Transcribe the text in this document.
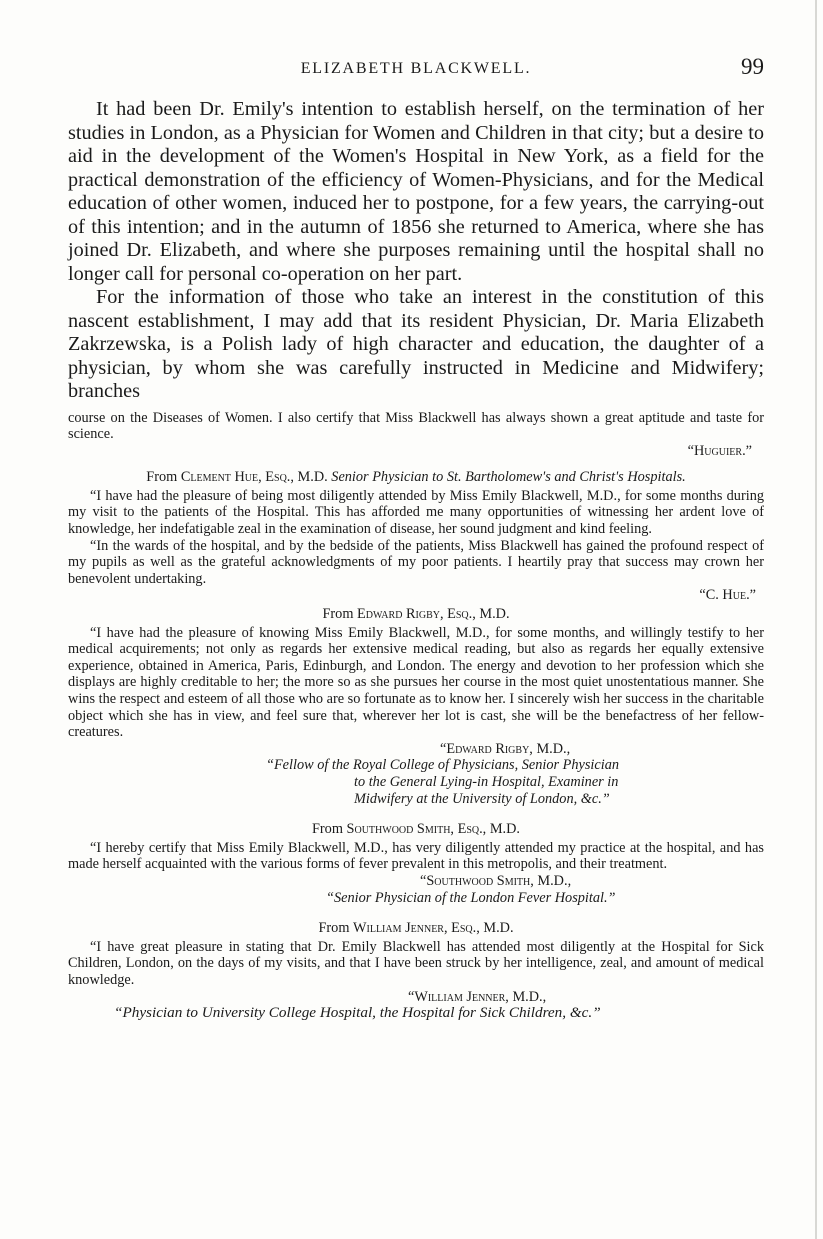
ELIZABETH BLACKWELL.	99

It had been Dr. Emily's intention to establish herself, on the termination of her studies in London, as a Physician for Women and Children in that city; but a desire to aid in the development of the Women's Hospital in New York, as a field for the practical demonstration of the efficiency of Women-Physicians, and for the Medical education of other women, induced her to postpone, for a few years, the carrying-out of this intention; and in the autumn of 1856 she returned to America, where she has joined Dr. Elizabeth, and where she purposes remaining until the hospital shall no longer call for personal co-operation on her part.

For the information of those who take an interest in the constitution of this nascent establishment, I may add that its resident Physician, Dr. Maria Elizabeth Zakrzewska, is a Polish lady of high character and education, the daughter of a physician, by whom she was carefully instructed in Medicine and Midwifery; branches

course on the Diseases of Women. I also certify that Miss Blackwell has always shown a great aptitude and taste for science.

“Huguier.”

From Clement Hue, Esq., M.D. Senior Physician to St. Bartholomew's and Christ's Hospitals.

“I have had the pleasure of being most diligently attended by Miss Emily Blackwell, M.D., for some months during my visit to the patients of the Hospital. This has afforded me many opportunities of witnessing her ardent love of knowledge, her indefatigable zeal in the examination of disease, her sound judgment and kind feeling.

“In the wards of the hospital, and by the bedside of the patients, Miss Blackwell has gained the profound respect of my pupils as well as the grateful acknowledgments of my poor patients. I heartily pray that success may crown her benevolent undertaking.

“C. Hue.”

From Edward Rigby, Esq., M.D.

“I have had the pleasure of knowing Miss Emily Blackwell, M.D., for some months, and willingly testify to her medical acquirements; not only as regards her extensive medical reading, but also as regards her equally extensive experience, obtained in America, Paris, Edinburgh, and London. The energy and devotion to her profession which she displays are highly creditable to her; the more so as she pursues her course in the most quiet unostentatious manner. She wins the respect and esteem of all those who are so fortunate as to know her. I sincerely wish her success in the charitable object which she has in view, and feel sure that, wherever her lot is cast, she will be the benefactress of her fellow-creatures.

“Edward Rigby, M.D.,

“Fellow of the Royal College of Physicians, Senior Physician

to the General Lying-in Hospital, Examiner in

Midwifery at the University of London, &c.”

From Southwood Smith, Esq., M.D.

“I hereby certify that Miss Emily Blackwell, M.D., has very diligently attended my practice at the hospital, and has made herself acquainted with the various forms of fever prevalent in this metropolis, and their treatment.

“Southwood Smith, M.D.,

“Senior Physician of the London Fever Hospital.”

From William Jenner, Esq., M.D.

“I have great pleasure in stating that Dr. Emily Blackwell has attended most diligently at the Hospital for Sick Children, London, on the days of my visits, and that I have been struck by her intelligence, zeal, and amount of medical knowledge.

“William Jenner, M.D.,

“Physician to University College Hospital, the Hospital for Sick Children, &c.”
